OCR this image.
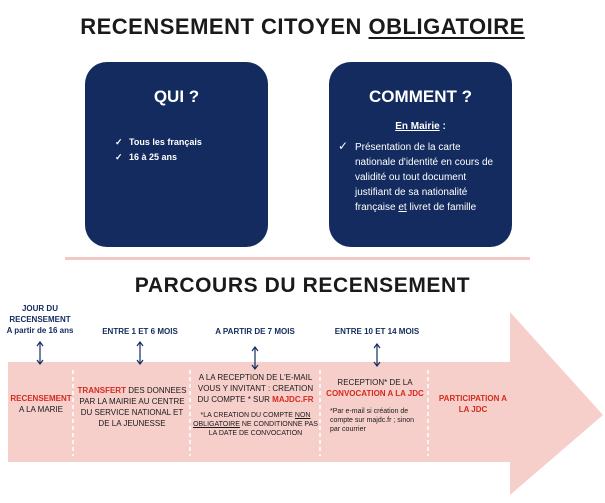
RECENSEMENT CITOYEN OBLIGATOIRE
QUI ?
✓ Tous les français
✓ 16 à 25 ans
COMMENT ?
En Mairie :
✓ Présentation de la carte nationale d'identité en cours de validité ou tout document justifiant de sa nationalité française et livret de famille
PARCOURS DU RECENSEMENT
JOUR DU
RECENSEMENT
A partir de 16 ans	ENTRE 1 ET 6 MOIS	A PARTIR DE 7 MOIS	ENTRE 10 ET 14 MOIS
RECENSEMENT
A LA MARIE
TRANSFERT DES DONNEES
PAR LA MAIRIE AU CENTRE
DU SERVICE NATIONAL ET
DE LA JEUNESSE
A LA RECEPTION DE L'E-MAIL
VOUS Y INVITANT : CREATION
DU COMPTE * SUR MAJDC.FR
*LA CREATION DU COMPTE NON
OBLIGATOIRE NE CONDITIONNE PAS
LA DATE DE CONVOCATION
RECEPTION* DE LA
CONVOCATION A LA JDC
*Par e-mail si création de
compte sur majdc.fr ; sinon
par courrier
PARTICIPATION A
LA JDC
